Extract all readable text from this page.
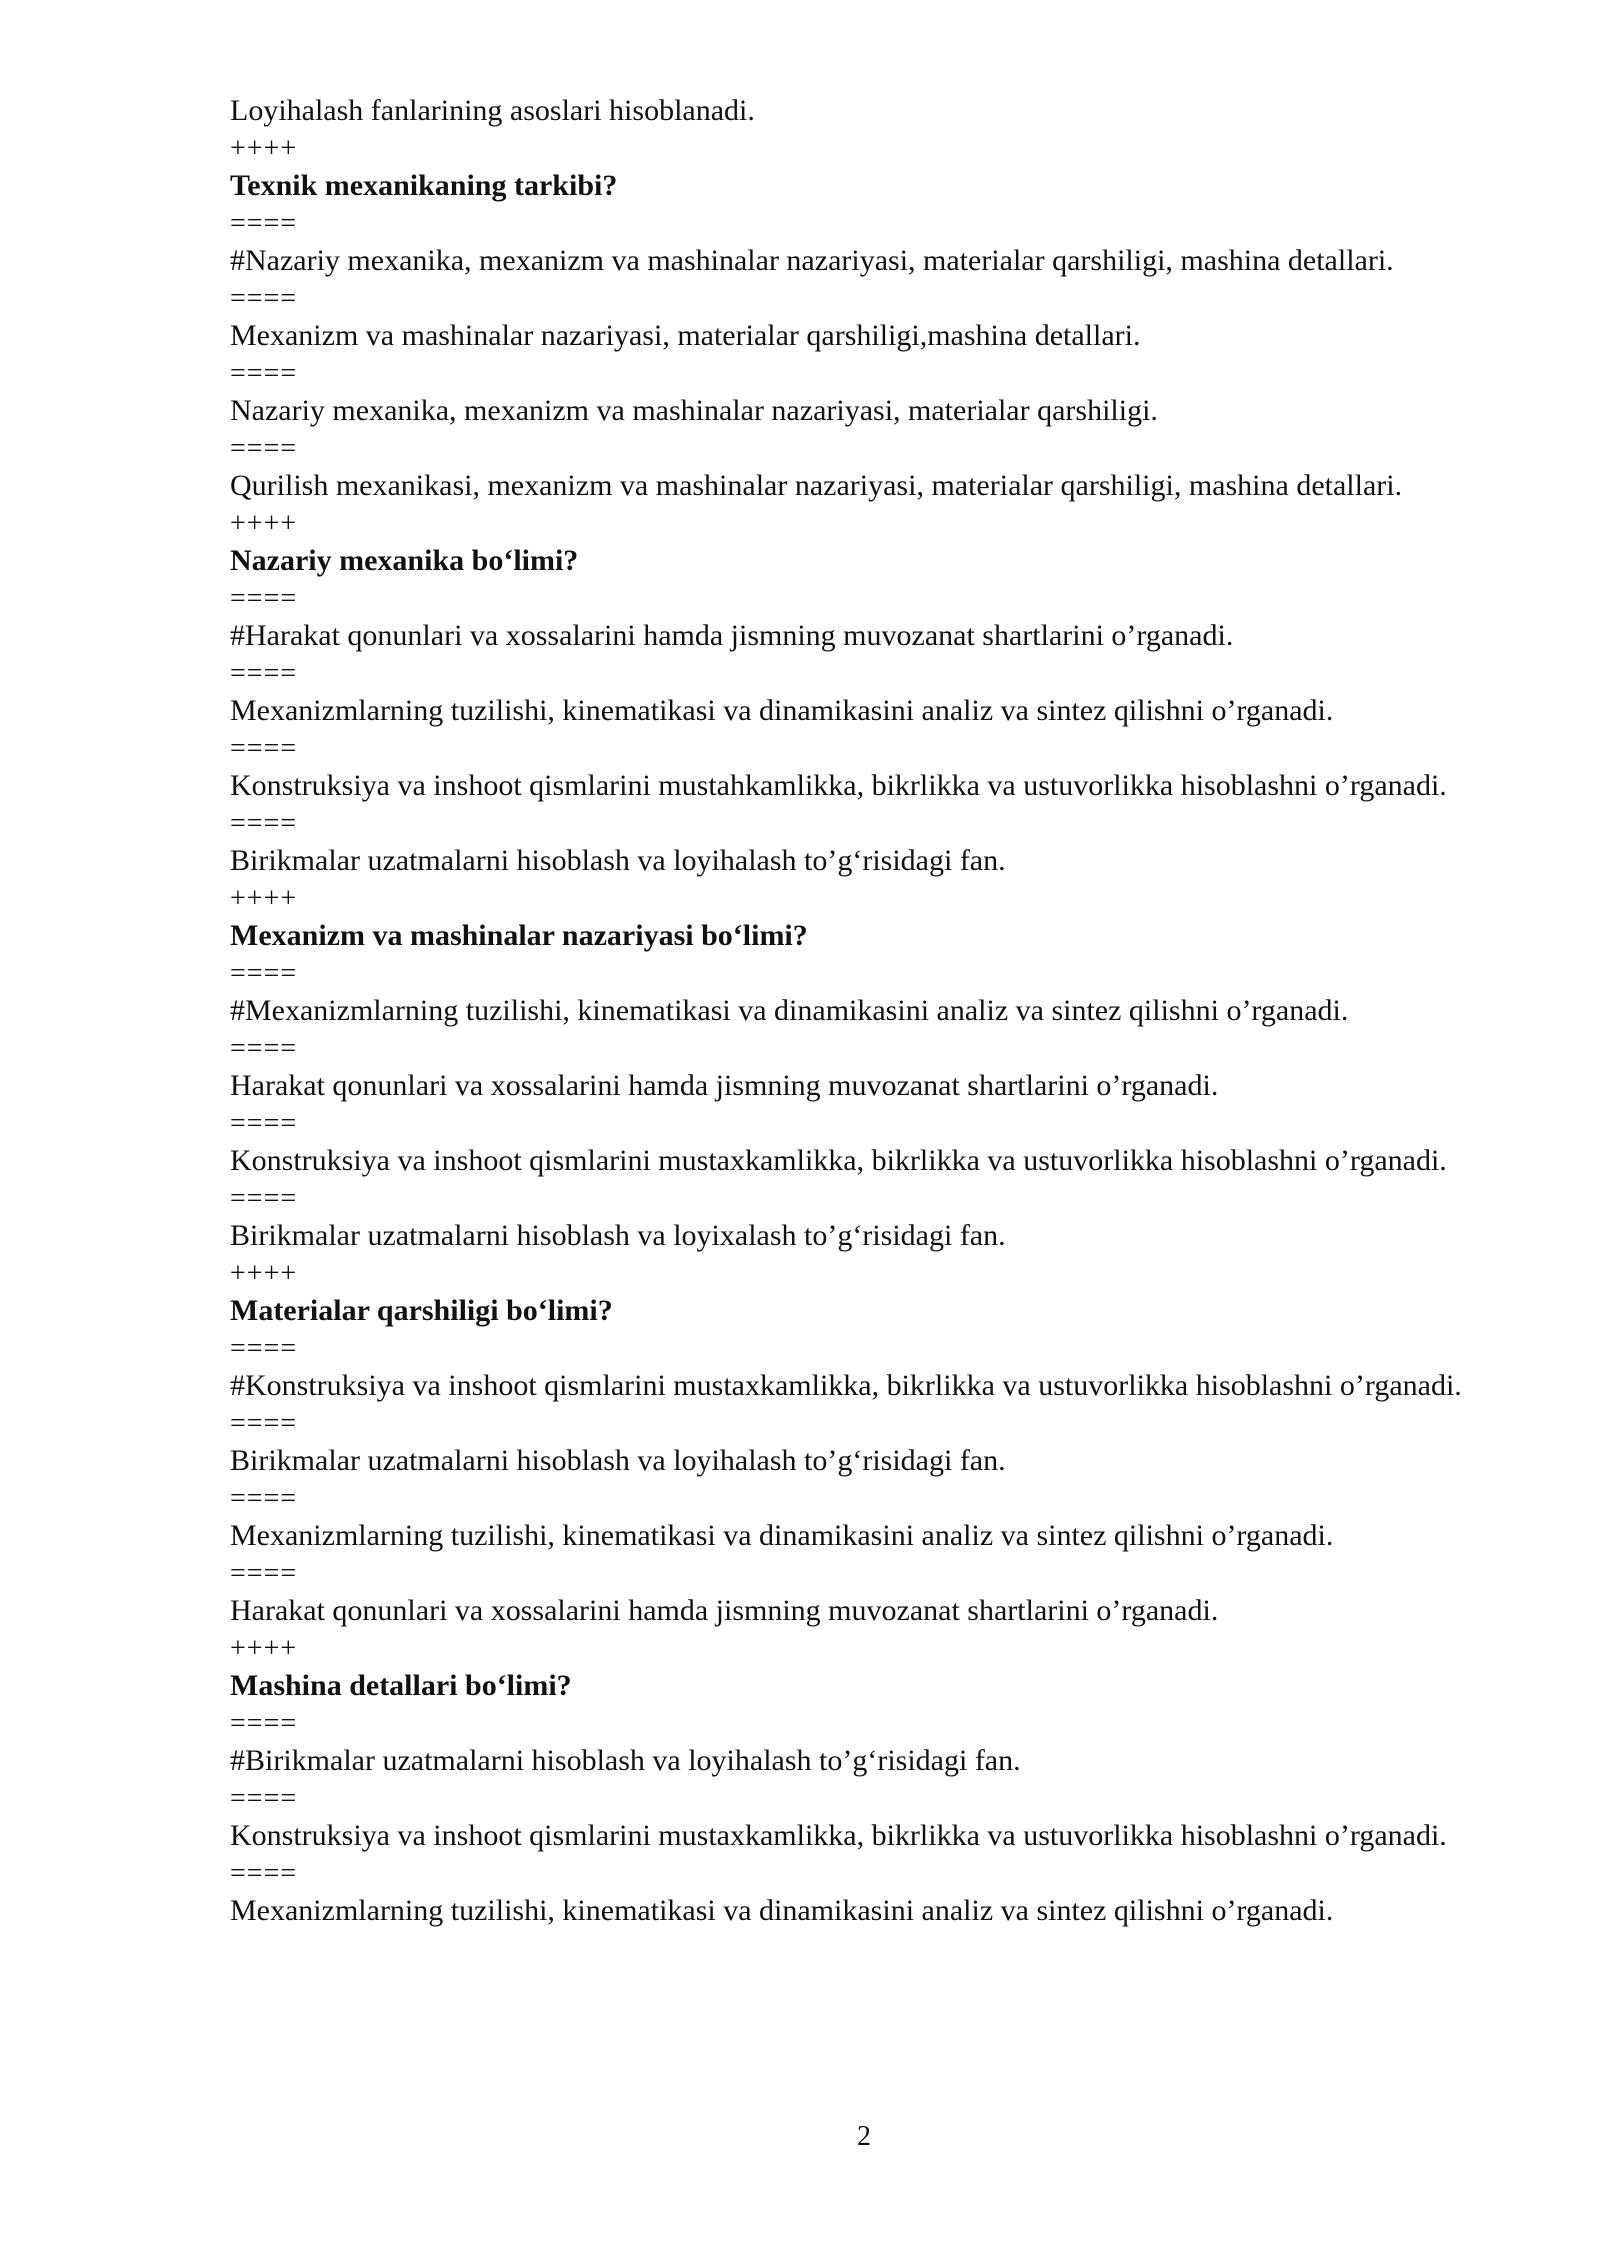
Loyihalash fanlarining asoslari hisoblanadi.

++++

Texnik mexanikaning tarkibi?

====

#Nazariy mexanika, mexanizm va mashinalar nazariyasi, materialar qarshiligi, mashina detallari.

====

Mexanizm va mashinalar nazariyasi, materialar qarshiligi,mashina detallari.

====

Nazariy mexanika, mexanizm va mashinalar nazariyasi, materialar qarshiligi.

====

Qurilish mexanikasi, mexanizm va mashinalar nazariyasi, materialar qarshiligi, mashina detallari.

++++

Nazariy mexanika bo‘limi?

====

#Harakat qonunlari va xossalarini hamda jismning muvozanat shartlarini o’rganadi.

====

Mexanizmlarning tuzilishi, kinematikasi va dinamikasini analiz va sintez qilishni o’rganadi.

====

Konstruksiya va inshoot qismlarini mustahkamlikka, bikrlikka va ustuvorlikka hisoblashni o’rganadi.

====

Birikmalar uzatmalarni hisoblash va loyihalash to’g‘risidagi fan.

++++

Mexanizm va mashinalar nazariyasi bo‘limi?

====

#Mexanizmlarning tuzilishi, kinematikasi va dinamikasini analiz va sintez qilishni o’rganadi.

====

Harakat qonunlari va xossalarini hamda jismning muvozanat shartlarini o’rganadi.

====

Konstruksiya va inshoot qismlarini mustaxkamlikka, bikrlikka va ustuvorlikka hisoblashni o’rganadi.

====

Birikmalar uzatmalarni hisoblash va loyixalash to’g‘risidagi fan.

++++

Materialar qarshiligi bo‘limi?

====

#Konstruksiya va inshoot qismlarini mustaxkamlikka, bikrlikka va ustuvorlikka hisoblashni o’rganadi.

====

Birikmalar uzatmalarni hisoblash va loyihalash to’g‘risidagi fan.

====

Mexanizmlarning tuzilishi, kinematikasi va dinamikasini analiz va sintez qilishni o’rganadi.

====

Harakat qonunlari va xossalarini hamda jismning muvozanat shartlarini o’rganadi.

++++

Mashina detallari bo‘limi?

====

#Birikmalar uzatmalarni hisoblash va loyihalash to’g‘risidagi fan.

====

Konstruksiya va inshoot qismlarini mustaxkamlikka, bikrlikka va ustuvorlikka hisoblashni o’rganadi.

====

Mexanizmlarning tuzilishi, kinematikasi va dinamikasini analiz va sintez qilishni o’rganadi.

2
